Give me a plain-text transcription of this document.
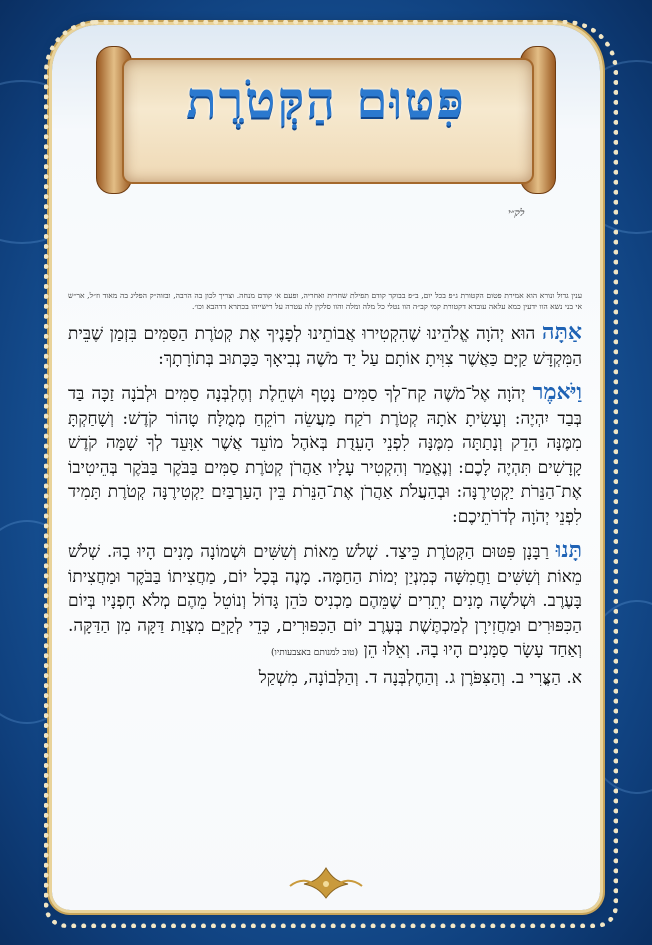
פִּטּוּם הַקְּטֹרֶת
לק״י
ענין גדול ונורא הוא אמירת פטום הקטורת ג״פ בכל יום, ב״פ בבוקר קודם תפילת שחרית ואחריה, ופעם א׳ קודם מנחה. וצריך לכון בה הרבה, ובזוה״ק הפליג בה מאוד וז״ל, אר״ש אי בני נשא הוו ידעין כמא עלאה עובדא דקטורת קמי קב״ה הוו נטלי כל מלה ומלה והוו סלקין לה עטרה על רישייהו בכתרא דדהבא וכו׳.

אַתָּה הוּא יְהֹוָה אֱלֹהֵינוּ שֶׁהִקְטִירוּ אֲבוֹתֵינוּ לְפָנֶיךָ אֶת קְטֹרֶת הַסַּמִּים בִּזְמַן שֶׁבֵּית הַמִּקְדָּשׁ קַיָּם כַּאֲשֶׁר צִוִּיתָ אוֹתָם עַל יַד מֹשֶׁה נְבִיאָךְ כַּכָּתוּב בְּתוֹרָתָךְ:

וַיֹּאמֶר יְהֹוָה אֶל־מֹשֶׁה קַח־לְךָ סַמִּים נָטָף וּשְׁחֵלֶת וְחֶלְבְּנָה סַמִּים וּלְבֹנָה זַכָּה בַּד בְּבַד יִהְיֶה: וְעָשִׂיתָ אֹתָהּ קְטֹרֶת רֹקַח מַעֲשֵׂה רוֹקֵחַ מְמֻלָּח טָהוֹר קֹדֶשׁ: וְשָׁחַקְתָּ מִמֶּנָּה הָדֵק וְנָתַתָּה מִמֶּנָּה לִפְנֵי הָעֵדֻת בְּאֹהֶל מוֹעֵד אֲשֶׁר אִוָּעֵד לְךָ שָׁמָּה קֹדֶשׁ קָדָשִׁים תִּהְיֶה לָכֶם: וְנֶאֱמַר וְהִקְטִיר עָלָיו אַהֲרֹן קְטֹרֶת סַמִּים בַּבֹּקֶר בַּבֹּקֶר בְּהֵיטִיבוֹ אֶת־הַנֵּרֹת יַקְטִירֶנָּה: וּבְהַעֲלֹת אַהֲרֹן אֶת־הַנֵּרֹת בֵּין הָעַרְבַּיִם יַקְטִירֶנָּה קְטֹרֶת תָּמִיד לִפְנֵי יְהֹוָה לְדֹרֹתֵיכֶם:

תָּנוּ רַבָּנָן פִּטּוּם הַקְּטֹרֶת כֵּיצַד. שְׁלֹשׁ מֵאוֹת וְשִׁשִּׁים וּשְׁמוֹנָה מָנִים הָיוּ בָהּ. שְׁלֹשׁ מֵאוֹת וְשִׁשִּׁים וַחֲמִשָּׁה כְּמִנְיַן יְמוֹת הַחַמָּה. מָנֶה בְּכָל יוֹם, מַחֲצִיתוֹ בַּבֹּקֶר וּמַחֲצִיתוֹ בָּעֶרֶב. וּשְׁלֹשָׁה מָנִים יְתֵרִים שֶׁמֵּהֶם מַכְנִיס כֹּהֵן גָּדוֹל וְנוֹטֵל מֵהֶם מְלֹא חָפְנָיו בְּיוֹם הַכִּפּוּרִים וּמַחֲזִירָן לְמַכְתֶּשֶׁת בְּעֶרֶב יוֹם הַכִּפּוּרִים, כְּדֵי לְקַיֵּם מִצְוַת דַּקָּה מִן הַדַּקָּה. וְאַחַד עָשָׂר סַמָּנִים הָיוּ בָהּ. וְאֵלּוּ הֵן (טוב למנותם באצבעותיו)

א. הַצֳּרִי ב. וְהַצִּפֹּרֶן ג. וְהַחֶלְבְּנָה ד. וְהַלְּבוֹנָה, מִשְׁקַל
